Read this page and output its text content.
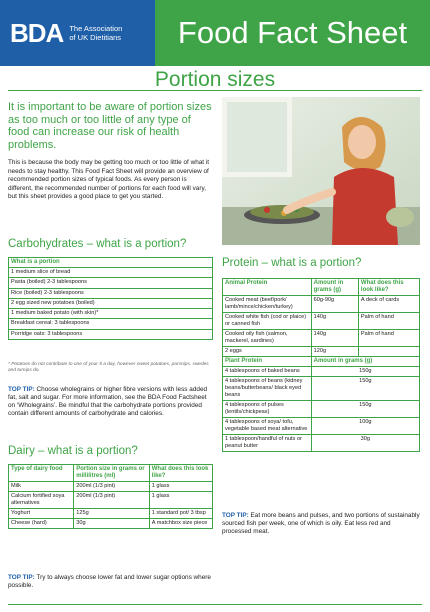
BDA The Association
of UK Dietitians Food Fact Sheet
Portion sizes
It is important to be aware of portion sizes as too much or too little of any type of food can increase our risk of health problems.
This is because the body may be getting too much or too little of what it needs to stay healthy. This Food Fact Sheet will provide an overview of recommended portion sizes of typical foods. As every person is different, the recommended number of portions for each food will vary, but this sheet provides a good place to get you started.
Carbohydrates – what is a portion?
What is a portion
1 medium slice of bread
Pasta (boiled) 2-3 tablespoons
Rice (boiled) 2-3 tablespoons
2 egg sized new potatoes (boiled)
1 medium baked potato (with skin)*
Breakfast cereal: 3 tablespoons
Porridge oats: 3 tablespoons
* Potatoes do not contribute to one of your 5 a day, however sweet potatoes, parsnips, swedes and turnips do.
TOP TIP: Choose wholegrains or higher fibre versions with less added fat, salt and sugar. For more information, see the BDA Food Factsheet on ‘Wholegrains’. Be mindful that the carbohydrate portions provided contain different amounts of carbohydrate and calories.
Dairy – what is a portion?
Type of dairy food	Portion size in grams or millilitres (ml)	What does this look like?
Milk	200ml (1/3 pint)	1 glass
Calcium fortified soya alternatives	200ml (1/3 pint)	1 glass
Yoghurt	125g	1 standard pot/ 3 tbsp
Cheese (hard)	30g	A matchbox size piece
TOP TIP: Try to always choose lower fat and lower sugar options where possible.
Protein – what is a portion?
Animal Protein	Amount in grams (g)	What does this look like?
Cooked meat (beef/pork/ lamb/mince/chicken/turkey)	60g-90g	A deck of cards
Cooked white fish (cod or plaice) or canned fish	140g	Palm of hand
Cooked oily fish (salmon, mackerel, sardines)	140g	Palm of hand
2 eggs	120g	
Plant Protein	Amount in grams (g)	
4 tablespoons of baked beans	150g	
4 tablespoons of beans (kidney beans/butterbeans/ black eyed beans	150g	
4 tablespoons of pulses (lentils/chickpeas)	150g	
4 tablespoons of soya/ tofu, vegetable based meat alternative	100g	
1 tablespoon/handful of nuts or peanut butter	30g	
TOP TIP: Eat more beans and pulses, and two portions of sustainably sourced fish per week, one of which is oily. Eat less red and processed meat.
